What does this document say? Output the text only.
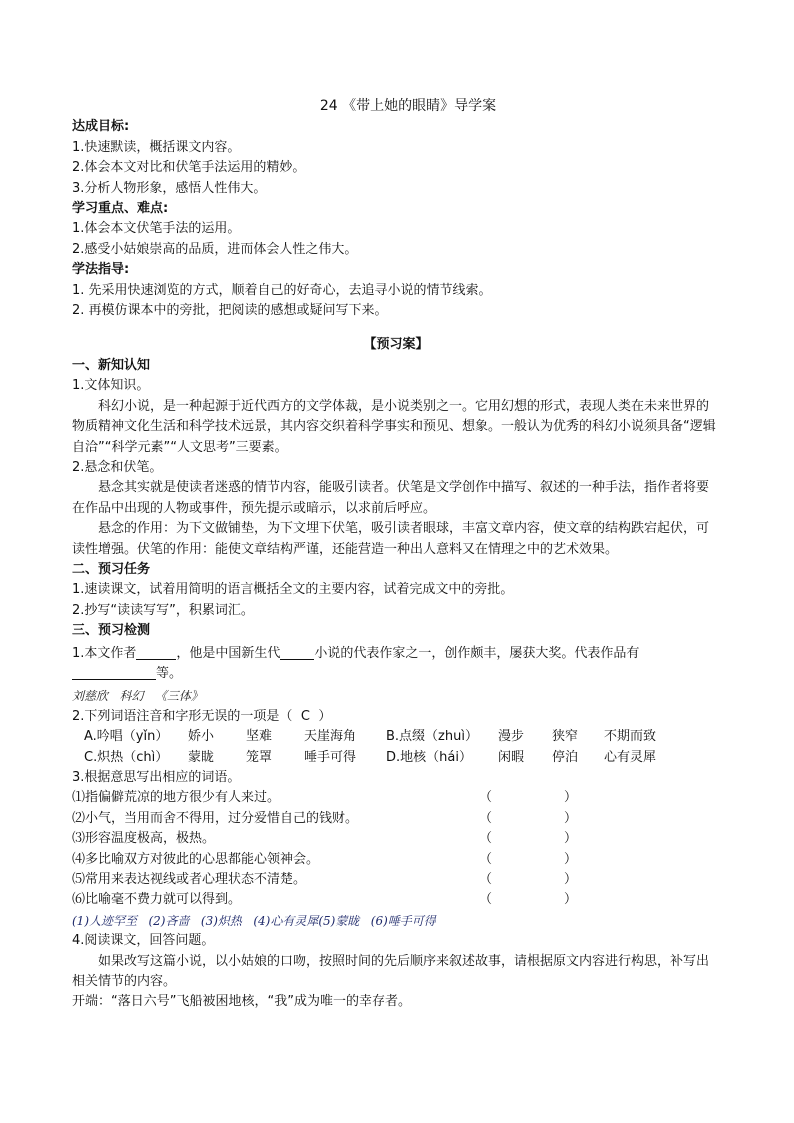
24 《带上她的眼睛》导学案
达成目标:
1.快速默读，概括课文内容。
2.体会本文对比和伏笔手法运用的精妙。
3.分析人物形象，感悟人性伟大。
学习重点、难点:
1.体会本文伏笔手法的运用。
2.感受小姑娘崇高的品质，进而体会人性之伟大。
学法指导:
1. 先采用快速浏览的方式，顺着自己的好奇心，去追寻小说的情节线索。
2. 再模仿课本中的旁批，把阅读的感想或疑问写下来。
【预习案】
一、新知认知
1.文体知识。
科幻小说，是一种起源于近代西方的文学体裁，是小说类别之一。它用幻想的形式，表现人类在未来世界的物质精神文化生活和科学技术远景，其内容交织着科学事实和预见、想象。一般认为优秀的科幻小说须具备“逻辑自洽”“科学元素”“人文思考”三要素。
2.悬念和伏笔。
悬念其实就是使读者迷惑的情节内容，能吸引读者。伏笔是文学创作中描写、叙述的一种手法，指作者将要在作品中出现的人物或事件，预先提示或暗示，以求前后呼应。
悬念的作用：为下文做铺垫，为下文埋下伏笔，吸引读者眼球，丰富文章内容，使文章的结构跌宕起伏，可读性增强。伏笔的作用：能使文章结构严谨，还能营造一种出人意料又在情理之中的艺术效果。
二、预习任务
1.速读课文，试着用简明的语言概括全文的主要内容，试着完成文中的旁批。
2.抄写“读读写写”，积累词汇。
三、预习检测
1.本文作者	，他是中国新生代	小说的代表作家之一，创作颇丰，屡获大奖。代表作品有
等。
刘慈欣   科幻   《三体》
2.下列词语注音和字形无误的一项是（ C ）
A.吟唱（yǐn）	娇小	坚难	天崖海角	B.点缀（zhuì）	漫步	狭窄	不期而致
C.炽热（chì）	蒙眬	笼罩	唾手可得	D.地核（hái）	闲暇	停泊	心有灵犀
3.根据意思写出相应的词语。
⑴指偏僻荒凉的地方很少有人来过。	（	）
⑵小气，当用而舍不得用，过分爱惜自己的钱财。	（	）
⑶形容温度极高，极热。	（	）
⑷多比喻双方对彼此的心思都能心领神会。	（	）
⑸常用来表达视线或者心理状态不清楚。	（	）
⑹比喻毫不费力就可以得到。	（	）
(1)人迹罕至   (2)吝啬   (3)炽热   (4)心有灵犀(5)蒙眬   (6)唾手可得
4.阅读课文，回答问题。
如果改写这篇小说，以小姑娘的口吻，按照时间的先后顺序来叙述故事，请根据原文内容进行构思，补写出相关情节的内容。
开端：“落日六号”飞船被困地核，“我”成为唯一的幸存者。
